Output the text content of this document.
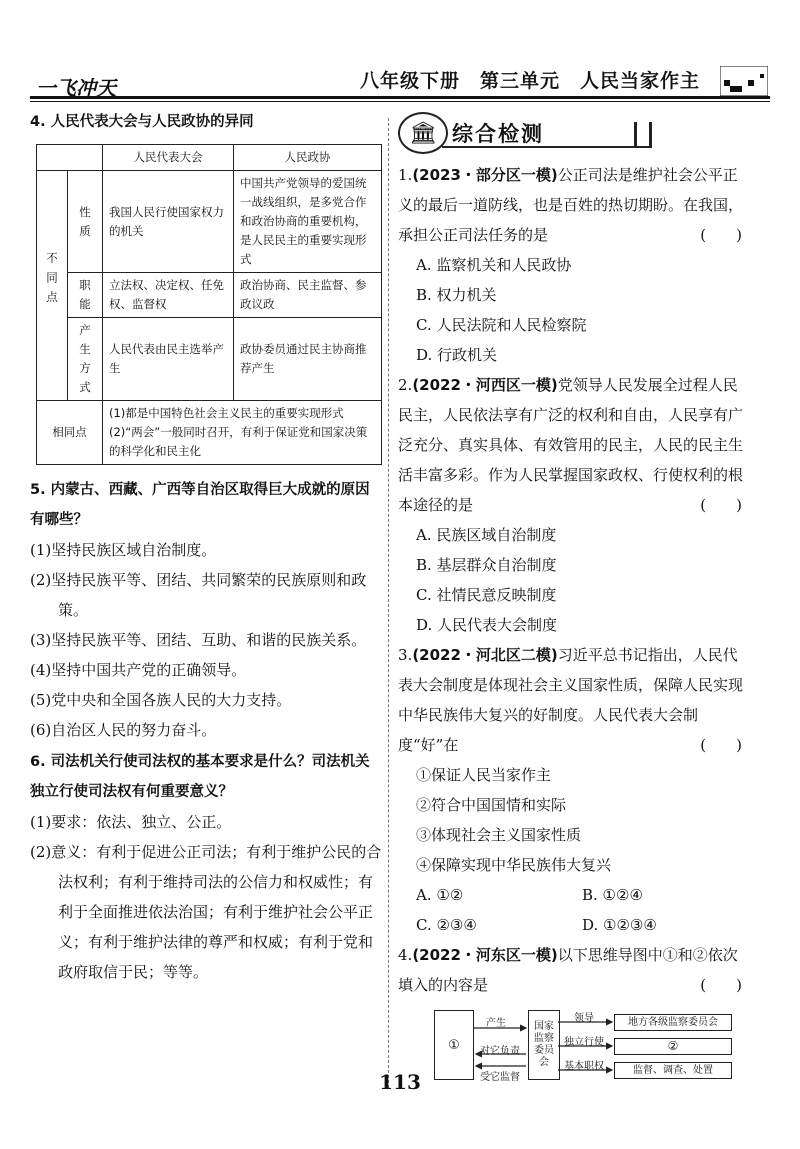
一飞冲天	八年级下册　第三单元　人民当家作主
4. 人民代表大会与人民政协的异同
		人民代表大会	人民政协
不同点	性质	我国人民行使国家权力的机关	中国共产党领导的爱国统一战线组织，是多党合作和政治协商的重要机构，是人民民主的重要实现形式
	职能	立法权、决定权、任免权、监督权	政治协商、民主监督、参政议政
	产生方式	人民代表由民主选举产生	政协委员通过民主协商推荐产生
相同点		(1)都是中国特色社会主义民主的重要实现形式
(2)“两会”一般同时召开，有利于保证党和国家决策的科学化和民主化	
5. 内蒙古、西藏、广西等自治区取得巨大成就的原因有哪些？
(1)坚持民族区域自治制度。
(2)坚持民族平等、团结、共同繁荣的民族原则和政策。
(3)坚持民族平等、团结、互助、和谐的民族关系。
(4)坚持中国共产党的正确领导。
(5)党中央和全国各族人民的大力支持。
(6)自治区人民的努力奋斗。
6. 司法机关行使司法权的基本要求是什么？司法机关独立行使司法权有何重要意义？
(1)要求：依法、独立、公正。
(2)意义：有利于促进公正司法；有利于维护公民的合法权利；有利于维持司法的公信力和权威性；有利于全面推进依法治国；有利于维护社会公平正义；有利于维护法律的尊严和权威；有利于党和政府取信于民；等等。
🏛 综合检测
1.(2023・部分区一模)公正司法是维护社会公平正义的最后一道防线，也是百姓的热切期盼。在我国，承担公正司法任务的是	(　　)
A. 监察机关和人民政协
B. 权力机关
C. 人民法院和人民检察院
D. 行政机关
2.(2022・河西区一模)党领导人民发展全过程人民民主，人民依法享有广泛的权利和自由，人民享有广泛充分、真实具体、有效管用的民主，人民的民主生活丰富多彩。作为人民掌握国家政权、行使权利的根本途径的是	(　　)
A. 民族区域自治制度
B. 基层群众自治制度
C. 社情民意反映制度
D. 人民代表大会制度
3.(2022・河北区二模)习近平总书记指出，人民代表大会制度是体现社会主义国家性质，保障人民实现中华民族伟大复兴的好制度。人民代表大会制度“好”在	(　　)
①保证人民当家作主
②符合中国国情和实际
③体现社会主义国家性质
④保障实现中华民族伟大复兴
A. ①②	B. ①②④
C. ②③④	D. ①②③④
4.(2022・河东区一模)以下思维导图中①和②依次填入的内容是	(　　)
①
产生
对它负责
受它监督
国家监察委员会
领导
独立行使
基本职权
地方各级监察委员会
②
监督、调查、处置
113
